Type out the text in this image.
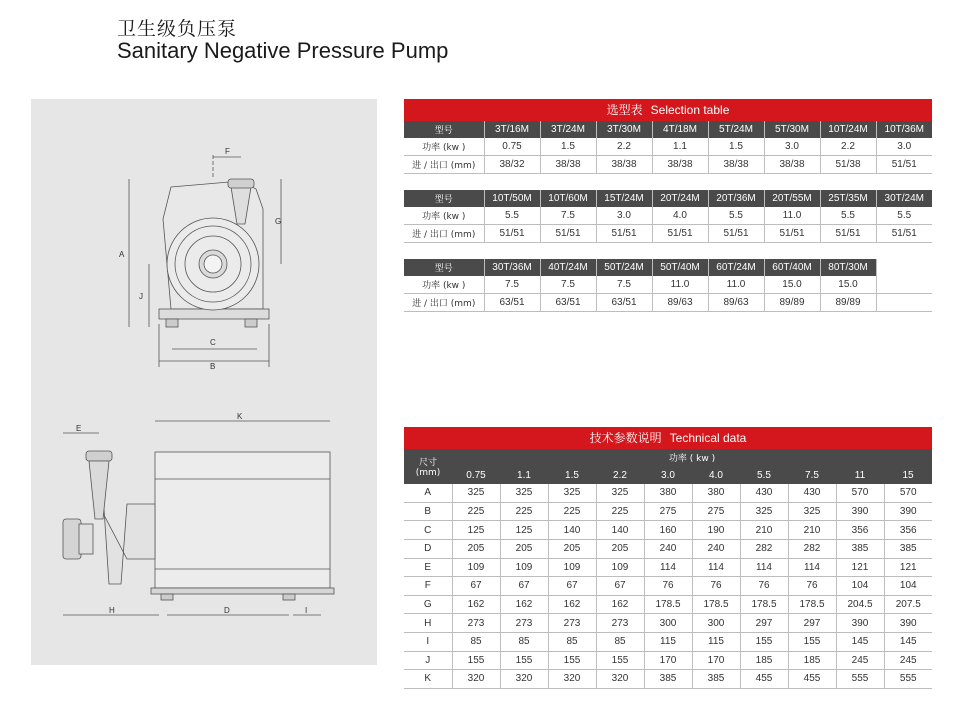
卫生级负压泵
Sanitary Negative Pressure Pump
F
A
G
J
C
B
K
E
H	D	I
选型表 Selection table
型号	3T/16M	3T/24M	3T/30M	4T/18M	5T/24M	5T/30M	10T/24M	10T/36M
功率 (kw )	0.75	1.5	2.2	1.1	1.5	3.0	2.2	3.0
进 / 出口 (mm)	38/32	38/38	38/38	38/38	38/38	38/38	51/38	51/51
型号	10T/50M	10T/60M	15T/24M	20T/24M	20T/36M	20T/55M	25T/35M	30T/24M
功率 (kw )	5.5	7.5	3.0	4.0	5.5	11.0	5.5	5.5
进 / 出口 (mm)	51/51	51/51	51/51	51/51	51/51	51/51	51/51	51/51
型号	30T/36M	40T/24M	50T/24M	50T/40M	60T/24M	60T/40M	80T/30M	
功率 (kw )	7.5	7.5	7.5	11.0	11.0	15.0	15.0	
进 / 出口 (mm)	63/51	63/51	63/51	89/63	89/63	89/89	89/89	
技术参数说明 Technical data
尺寸
(mm)	功率 ( kw )									
	0.75	1.1	1.5	2.2	3.0	4.0	5.5	7.5	11	15
A	325	325	325	325	380	380	430	430	570	570
B	225	225	225	225	275	275	325	325	390	390
C	125	125	140	140	160	190	210	210	356	356
D	205	205	205	205	240	240	282	282	385	385
E	109	109	109	109	114	114	114	114	121	121
F	67	67	67	67	76	76	76	76	104	104
G	162	162	162	162	178.5	178.5	178.5	178.5	204.5	207.5
H	273	273	273	273	300	300	297	297	390	390
I	85	85	85	85	115	115	155	155	145	145
J	155	155	155	155	170	170	185	185	245	245
K	320	320	320	320	385	385	455	455	555	555
